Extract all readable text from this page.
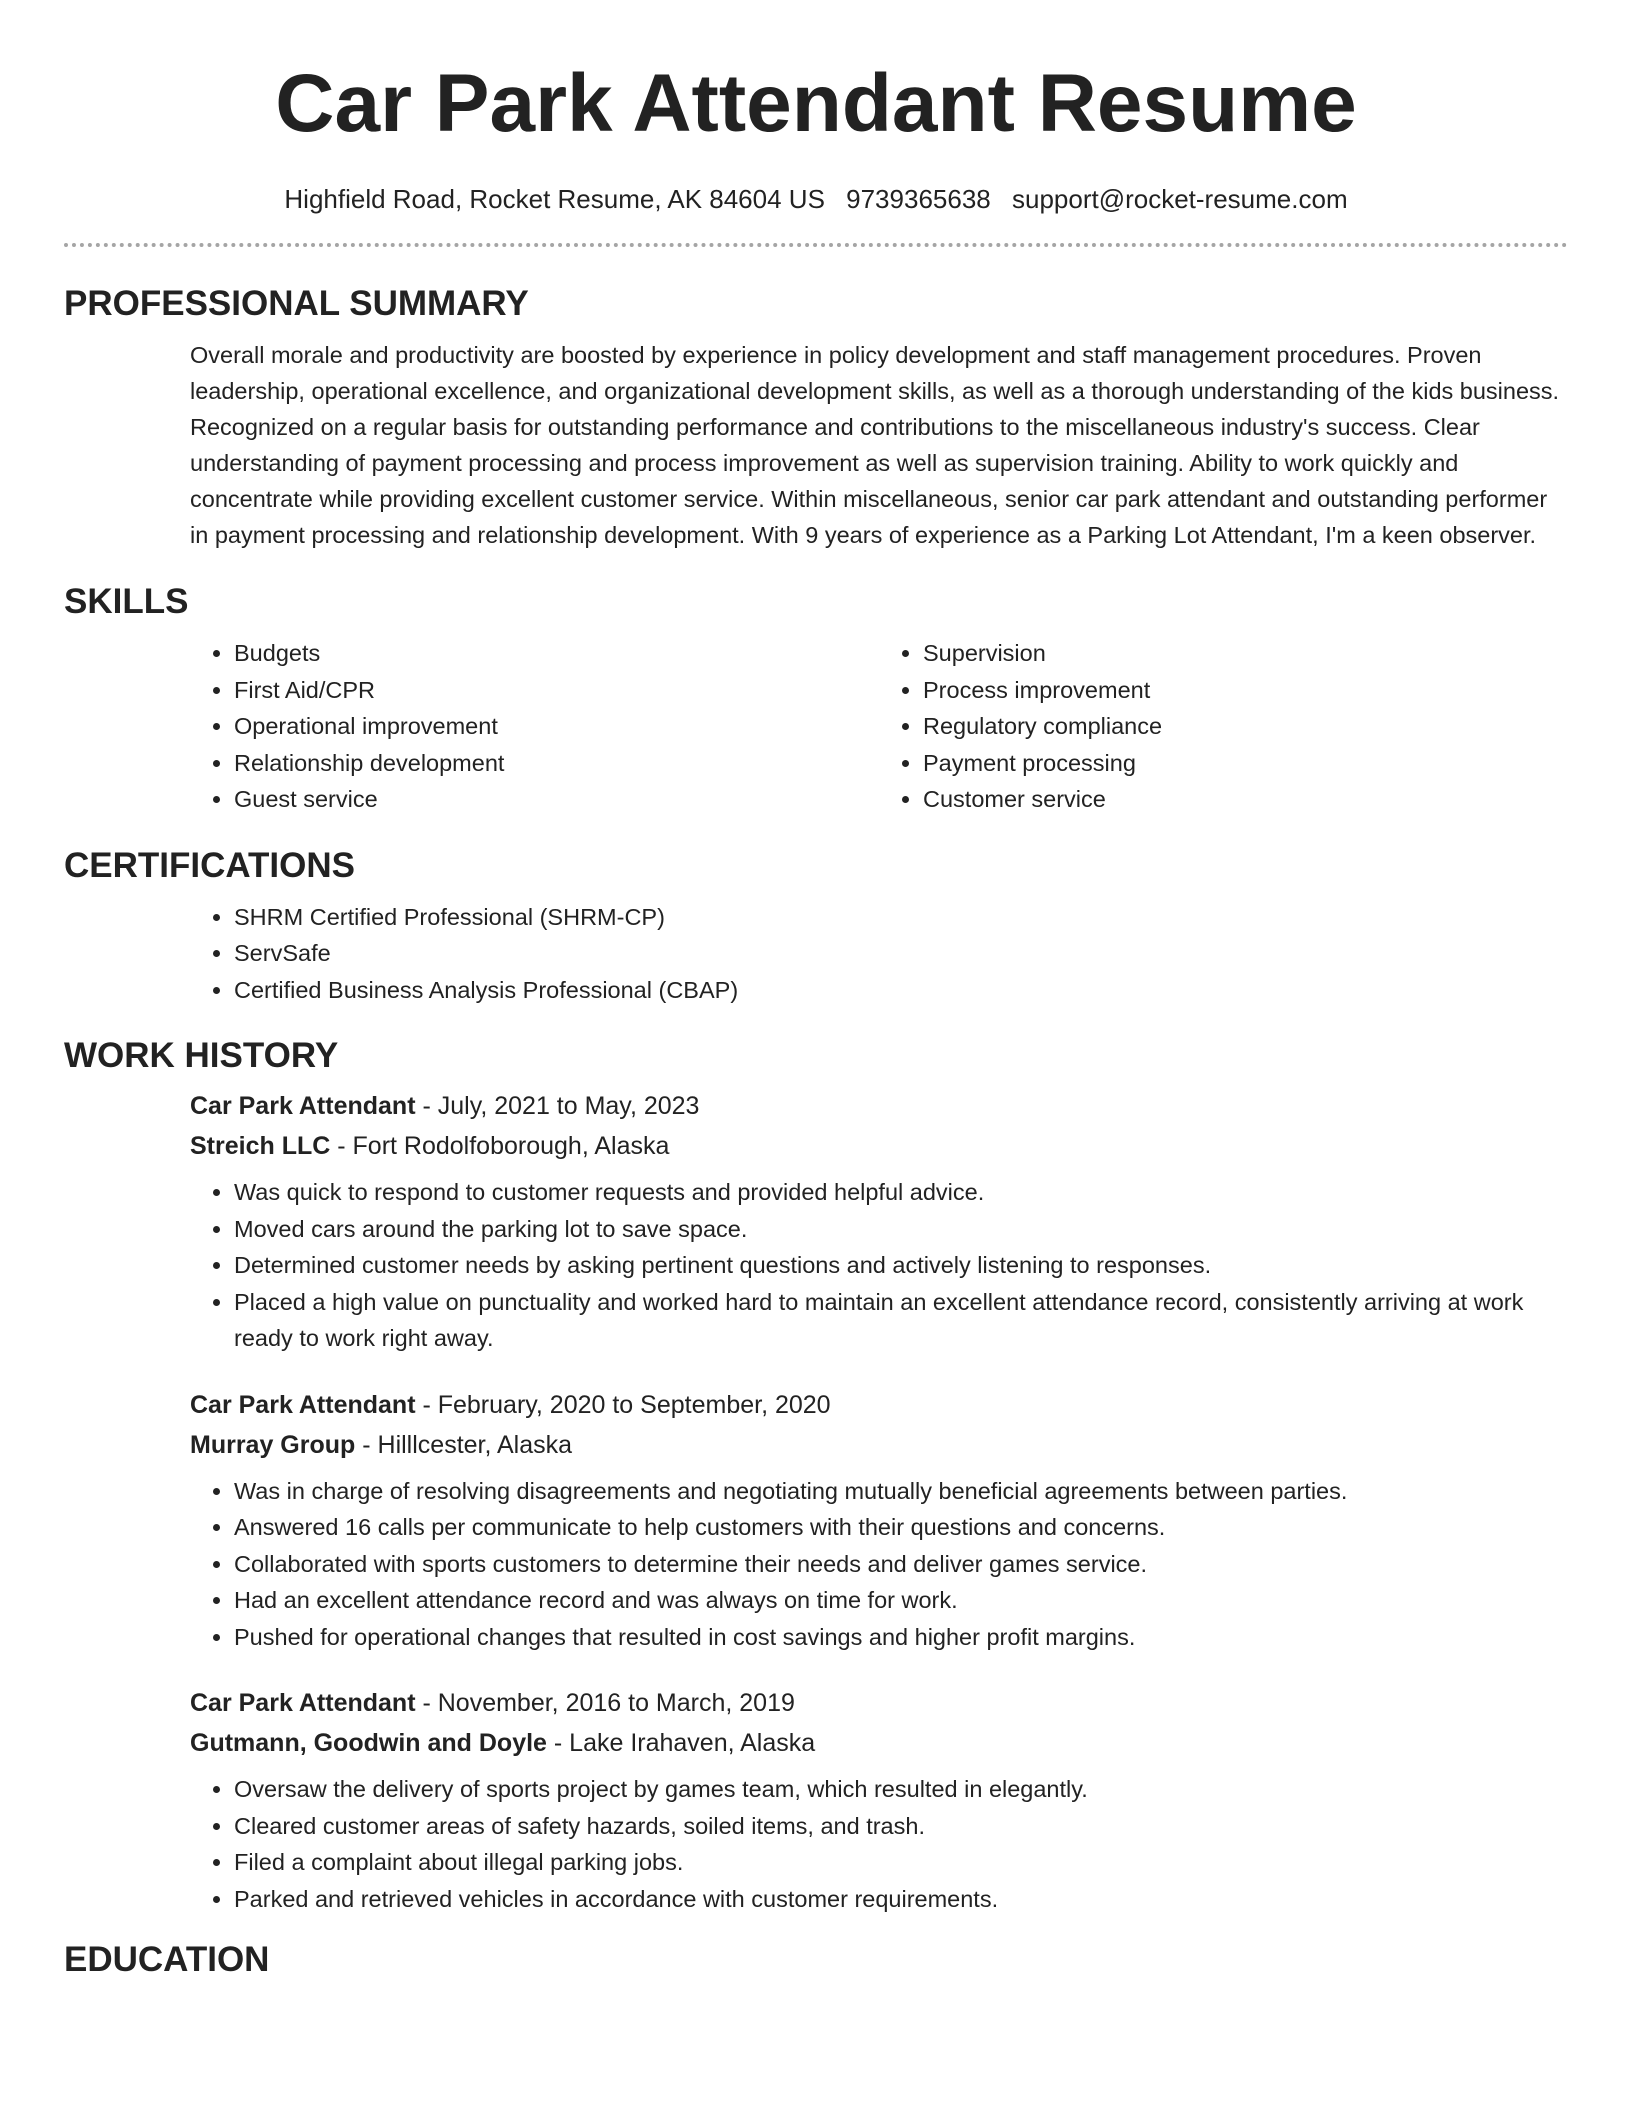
Car Park Attendant Resume
Highfield Road, Rocket Resume, AK 84604 US 9739365638 support@rocket-resume.com
PROFESSIONAL SUMMARY
Overall morale and productivity are boosted by experience in policy development and staff management procedures. Proven leadership, operational excellence, and organizational development skills, as well as a thorough understanding of the kids business. Recognized on a regular basis for outstanding performance and contributions to the miscellaneous industry's success. Clear understanding of payment processing and process improvement as well as supervision training. Ability to work quickly and concentrate while providing excellent customer service. Within miscellaneous, senior car park attendant and outstanding performer in payment processing and relationship development. With 9 years of experience as a Parking Lot Attendant, I'm a keen observer.
SKILLS
• Budgets
• First Aid/CPR
• Operational improvement
• Relationship development
• Guest service
• Supervision
• Process improvement
• Regulatory compliance
• Payment processing
• Customer service
CERTIFICATIONS
• SHRM Certified Professional (SHRM-CP)
• ServSafe
• Certified Business Analysis Professional (CBAP)
WORK HISTORY
Car Park Attendant - July, 2021 to May, 2023
Streich LLC - Fort Rodolfoborough, Alaska
• Was quick to respond to customer requests and provided helpful advice.
• Moved cars around the parking lot to save space.
• Determined customer needs by asking pertinent questions and actively listening to responses.
• Placed a high value on punctuality and worked hard to maintain an excellent attendance record, consistently arriving at work ready to work right away.
Car Park Attendant - February, 2020 to September, 2020
Murray Group - Hilllcester, Alaska
• Was in charge of resolving disagreements and negotiating mutually beneficial agreements between parties.
• Answered 16 calls per communicate to help customers with their questions and concerns.
• Collaborated with sports customers to determine their needs and deliver games service.
• Had an excellent attendance record and was always on time for work.
• Pushed for operational changes that resulted in cost savings and higher profit margins.
Car Park Attendant - November, 2016 to March, 2019
Gutmann, Goodwin and Doyle - Lake Irahaven, Alaska
• Oversaw the delivery of sports project by games team, which resulted in elegantly.
• Cleared customer areas of safety hazards, soiled items, and trash.
• Filed a complaint about illegal parking jobs.
• Parked and retrieved vehicles in accordance with customer requirements.
EDUCATION
